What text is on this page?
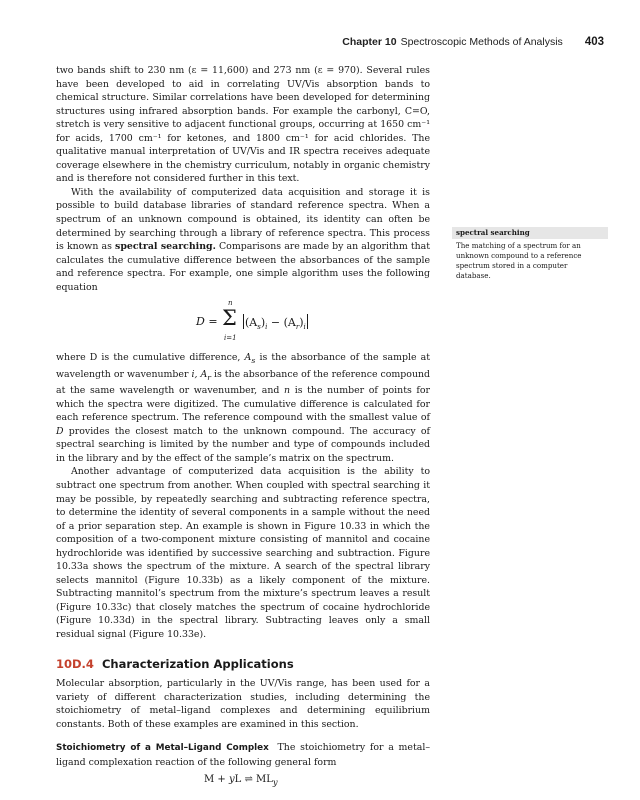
Chapter 10 Spectroscopic Methods of Analysis 403

two bands shift to 230 nm (ε = 11,600) and 273 nm (ε = 970). Several rules have been developed to aid in correlating UV/Vis absorption bands to chemical structure. Similar correlations have been developed for determining structures using infrared absorption bands. For example the carbonyl, C=O, stretch is very sensitive to adjacent functional groups, occurring at 1650 cm⁻¹ for acids, 1700 cm⁻¹ for ketones, and 1800 cm⁻¹ for acid chlorides. The qualitative manual interpretation of UV/Vis and IR spectra receives adequate coverage elsewhere in the chemistry curriculum, notably in organic chemistry and is therefore not considered further in this text.

With the availability of computerized data acquisition and storage it is possible to build database libraries of standard reference spectra. When a spectrum of an unknown compound is obtained, its identity can often be determined by searching through a library of reference spectra. This process is known as spectral searching. Comparisons are made by an algorithm that calculates the cumulative difference between the absorbances of the sample and reference spectra. For example, one simple algorithm uses the following equation

D =
n
Σ
i=1
$(A_s)_i - (A_r)_i$

where D is the cumulative difference, $A_s$ is the absorbance of the sample at wavelength or wavenumber i, $A_r$ is the absorbance of the reference compound at the same wavelength or wavenumber, and n is the number of points for which the spectra were digitized. The cumulative difference is calculated for each reference spectrum. The reference compound with the smallest value of D provides the closest match to the unknown compound. The accuracy of spectral searching is limited by the number and type of compounds included in the library and by the effect of the sample’s matrix on the spectrum.

Another advantage of computerized data acquisition is the ability to subtract one spectrum from another. When coupled with spectral searching it may be possible, by repeatedly searching and subtracting reference spectra, to determine the identity of several components in a sample without the need of a prior separation step. An example is shown in Figure 10.33 in which the composition of a two-component mixture consisting of mannitol and cocaine hydrochloride was identified by successive searching and subtraction. Figure 10.33a shows the spectrum of the mixture. A search of the spectral library selects mannitol (Figure 10.33b) as a likely component of the mixture. Subtracting mannitol’s spectrum from the mixture’s spectrum leaves a result (Figure 10.33c) that closely matches the spectrum of cocaine hydrochloride (Figure 10.33d) in the spectral library. Subtracting leaves only a small residual signal (Figure 10.33e).

10D.4 Characterization Applications

Molecular absorption, particularly in the UV/Vis range, has been used for a variety of different characterization studies, including determining the stoichiometry of metal–ligand complexes and determining equilibrium constants. Both of these examples are examined in this section.

Stoichiometry of a Metal–Ligand Complex The stoichiometry for a metal–ligand complexation reaction of the following general form

M + yL ⇌ $ML_y$
spectral searching
The matching of a spectrum for an unknown compound to a reference spectrum stored in a computer database.
